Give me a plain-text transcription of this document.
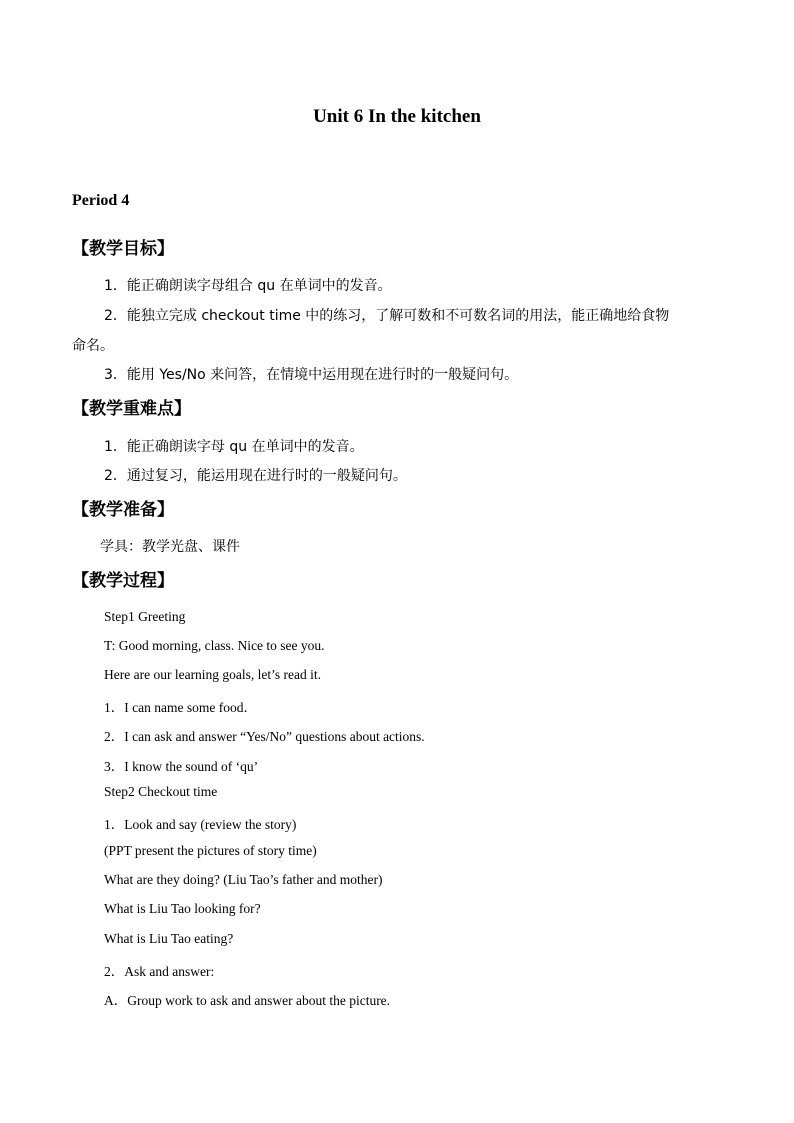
Unit 6 In the kitchen
Period 4
【教学目标】
1．能正确朗读字母组合 qu 在单词中的发音。
2．能独立完成 checkout time 中的练习，了解可数和不可数名词的用法，能正确地给食物
命名。
3．能用 Yes/No 来问答，在情境中运用现在进行时的一般疑问句。
【教学重难点】
1．能正确朗读字母 qu 在单词中的发音。
2．通过复习，能运用现在进行时的一般疑问句。
【教学准备】
学具：教学光盘、课件
【教学过程】
Step1 Greeting
T: Good morning, class. Nice to see you.
Here are our learning goals, let’s read it.
1．I can name some food．
2．I can ask and answer “Yes/No” questions about actions.
3．I know the sound of ‘qu’
Step2 Checkout time
1．Look and say (review the story)
(PPT present the pictures of story time)
What are they doing? (Liu Tao’s father and mother)
What is Liu Tao looking for?
What is Liu Tao eating?
2．Ask and answer:
A．Group work to ask and answer about the picture.
